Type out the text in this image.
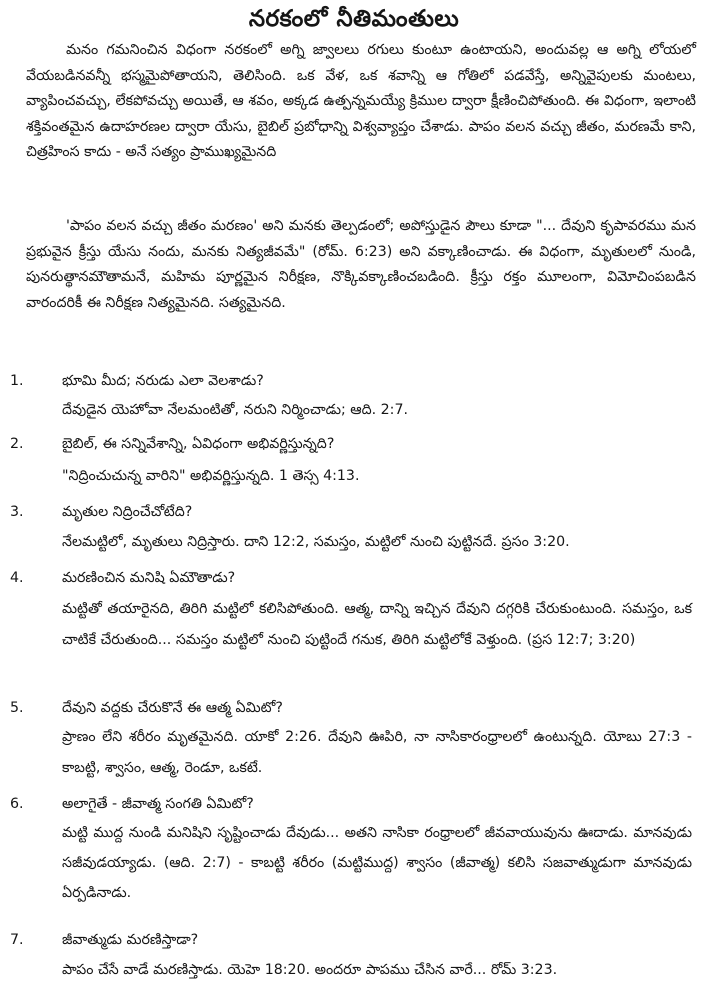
నరకంలో నీతిమంతులు
మనం గమనించిన విధంగా నరకంలో అగ్ని జ్వాలలు రగులు కుంటూ ఉంటాయని, అందువల్ల ఆ అగ్ని లోయలో వేయబడినవన్నీ భస్మమైపోతాయని, తెలిసింది. ఒక వేళ, ఒక శవాన్ని ఆ గోతిలో పడవేస్తే, అన్నివైపులకు మంటలు, వ్యాపించవచ్చు, లేకపోవచ్చు అయితే, ఆ శవం, అక్కడ ఉత్పన్నమయ్యే క్రిముల ద్వారా క్షీణించిపోతుంది. ఈ విధంగా, ఇలాంటి శక్తివంతమైన ఉదాహరణల ద్వారా యేసు, బైబిల్ ప్రబోధాన్ని విశ్వవ్యాప్తం చేశాడు. పాపం వలన వచ్చు జీతం, మరణమే కాని, చిత్రహింస కాదు - అనే సత్యం ప్రాముఖ్యమైనది
'పాపం వలన వచ్చు జీతం మరణం' అని మనకు తెల్పడంలో; అపోస్తుడైన పౌలు కూడా "... దేవుని కృపావరము మన ప్రభువైన క్రీస్తు యేసు నందు, మనకు నిత్యజీవమే" (రోమ్. 6:23) అని వక్కాణించాడు. ఈ విధంగా, మృతులలో నుండి, పునరుత్థానమౌతామనే, మహిమ పూర్ణమైన నిరీక్షణ, నొక్కివక్కాణించబడింది. క్రీస్తు రక్తం మూలంగా, విమోచింపబడిన వారందరికీ ఈ నిరీక్షణ నిత్యమైనది. సత్యమైనది.
1.	భూమి మీద; నరుడు ఎలా వెలశాడు?
దేవుడైన యెహోవా నేలమంటితో, నరుని నిర్మించాడు; ఆది. 2:7.
2.	బైబిల్, ఈ సన్నివేశాన్ని, ఏవిధంగా అభివర్ణిస్తున్నది?
"నిద్రించుచున్న వారిని" అభివర్ణిస్తున్నది. 1 తెస్స 4:13.
3.	మృతుల నిద్రించేచోటేది?
నేలమట్టిలో, మృతులు నిద్రిస్తారు. దాని 12:2, సమస్తం, మట్టిలో నుంచి పుట్టినదే. ప్రసం 3:20.
4.	మరణించిన మనిషి ఏమౌతాడు?
మట్టితో తయారైనది, తిరిగి మట్టిలో కలిసిపోతుంది. ఆత్మ, దాన్ని ఇచ్చిన దేవుని దగ్గరికి చేరుకుంటుంది. సమస్తం, ఒక చాటికే చేరుతుంది... సమస్తం మట్టిలో నుంచి పుట్టిందే గనుక, తిరిగి మట్టిలోకే వెళ్తుంది. (ప్రస 12:7; 3:20)
5.	దేవుని వద్దకు చేరుకొనే ఈ ఆత్మ ఏమిటో?
ప్రాణం లేని శరీరం మృతమైనది. యాకో 2:26. దేవుని ఊపిరి, నా నాసికారంధ్రాలలో ఉంటున్నది. యోబు 27:3 - కాబట్టి, శ్వాసం, ఆత్మ, రెండూ, ఒకటే.
6.	అలాగైతే - జీవాత్మ సంగతి ఏమిటో?
మట్టి ముద్ద నుండి మనిషిని సృష్టించాడు దేవుడు... అతని నాసికా రంధ్రాలలో జీవవాయువును ఊదాడు. మానవుడు సజీవుడయ్యాడు. (ఆది. 2:7) - కాబట్టి శరీరం (మట్టిముద్ద) శ్వాసం (జీవాత్మ) కలిసి సజవాత్ముడుగా మానవుడు ఏర్పడినాడు.
7.	జీవాత్ముడు మరణిస్తాడా?
పాపం చేసే వాడే మరణిస్తాడు. యెహె 18:20. అందరూ పాపము చేసిన వారే... రోమ్ 3:23.
